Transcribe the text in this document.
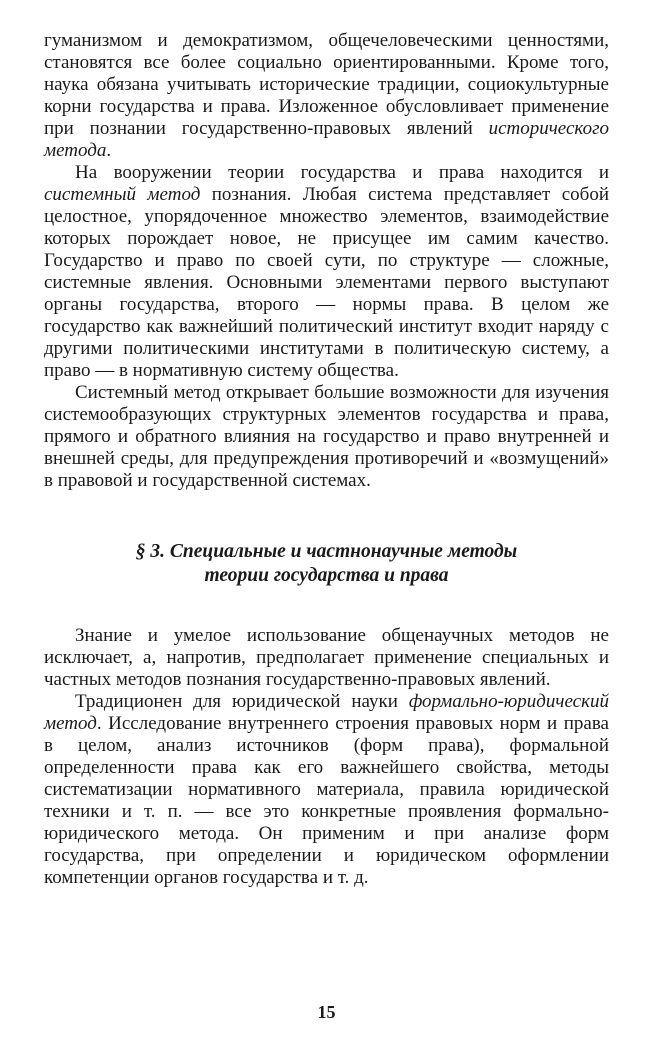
гуманизмом и демократизмом, общечеловеческими ценностями, становятся все более социально ориентированными. Кроме того, наука обязана учитывать исторические традиции, социокультурные корни государства и права. Изложенное обусловливает применение при познании государственно-правовых явлений исторического метода.

На вооружении теории государства и права находится и системный метод познания. Любая система представляет собой целостное, упорядоченное множество элементов, взаимодействие которых порождает новое, не присущее им самим качество. Государство и право по своей сути, по структуре — сложные, системные явления. Основными элементами первого выступают органы государства, второго — нормы права. В целом же государство как важнейший политический институт входит наряду с другими политическими институтами в политическую систему, а право — в нормативную систему общества.

Системный метод открывает большие возможности для изучения системообразующих структурных элементов государства и права, прямого и обратного влияния на государство и право внутренней и внешней среды, для предупреждения противоречий и «возмущений» в правовой и государственной системах.

§ 3. Специальные и частнонаучные методы
теории государства и права

Знание и умелое использование общенаучных методов не исключает, а, напротив, предполагает применение специальных и частных методов познания государственно-правовых явлений.

Традиционен для юридической науки формально-юридический метод. Исследование внутреннего строения правовых норм и права в целом, анализ источников (форм права), формальной определенности права как его важнейшего свойства, методы систематизации нормативного материала, правила юридической техники и т. п. — все это конкретные проявления формально-юридического метода. Он применим и при анализе форм государства, при определении и юридическом оформлении компетенции органов государства и т. д.

15
